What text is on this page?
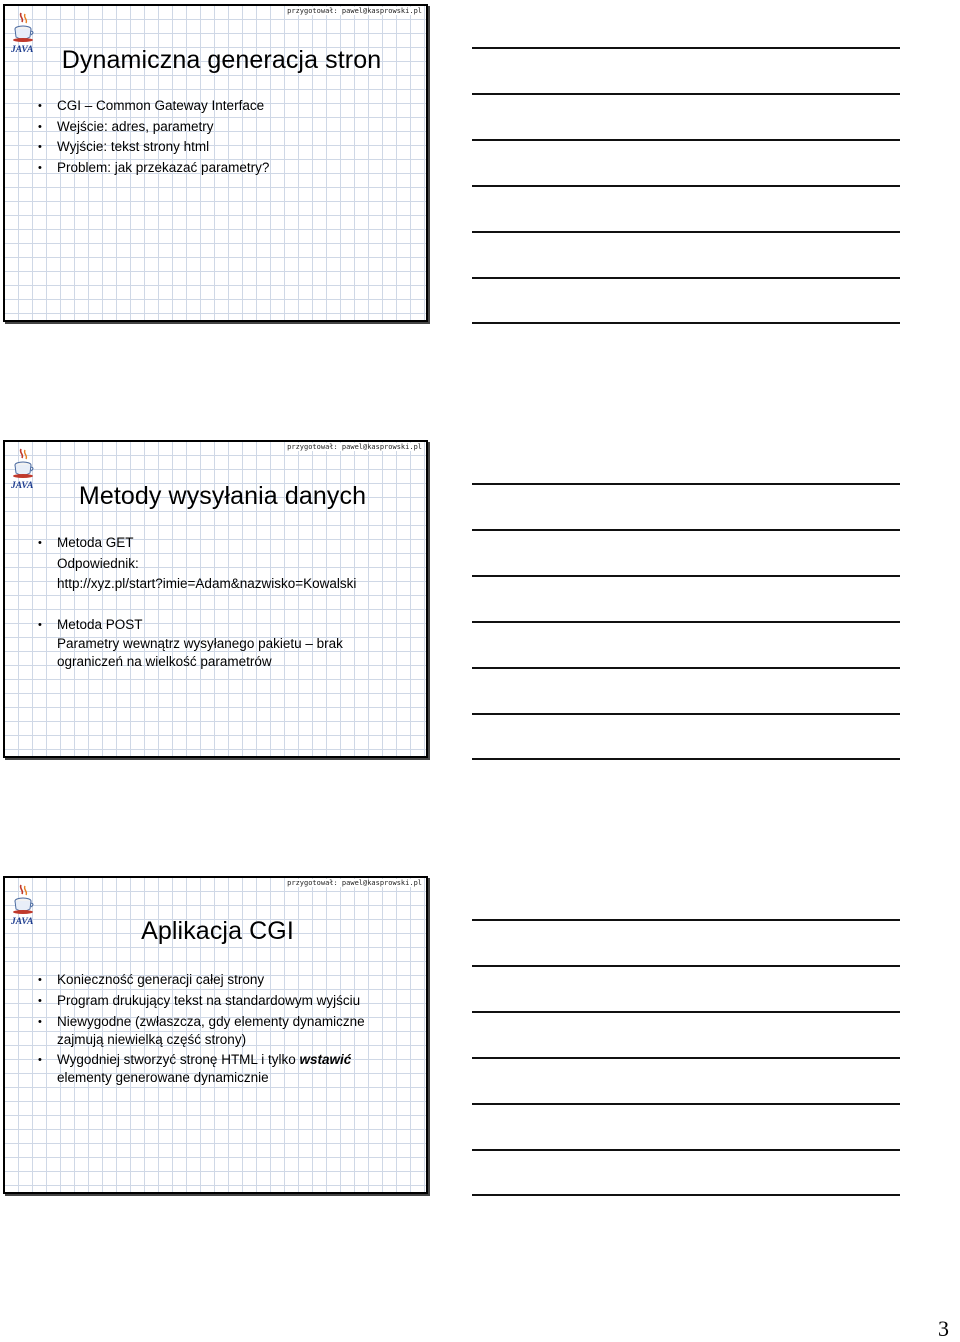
przygotował: pawel@kasprowski.pl
JAVA	Dynamiczna generacja stron
• CGI – Common Gateway Interface
• Wejście: adres, parametry
• Wyjście: tekst strony html
• Problem: jak przekazać parametry?
przygotował: pawel@kasprowski.pl
JAVA	Metody wysyłania danych
• Metoda GET
Odpowiednik:
http://xyz.pl/start?imie=Adam&nazwisko=Kowalski
• Metoda POST
Parametry wewnątrz wysyłanego pakietu – brak
ograniczeń na wielkość parametrów
przygotował: pawel@kasprowski.pl
JAVA	Aplikacja CGI
• Konieczność generacji całej strony
• Program drukujący tekst na standardowym wyjściu
• Niewygodne (zwłaszcza, gdy elementy dynamiczne
zajmują niewielką część strony)
• Wygodniej stworzyć stronę HTML i tylko wstawić
elementy generowane dynamicznie
3
